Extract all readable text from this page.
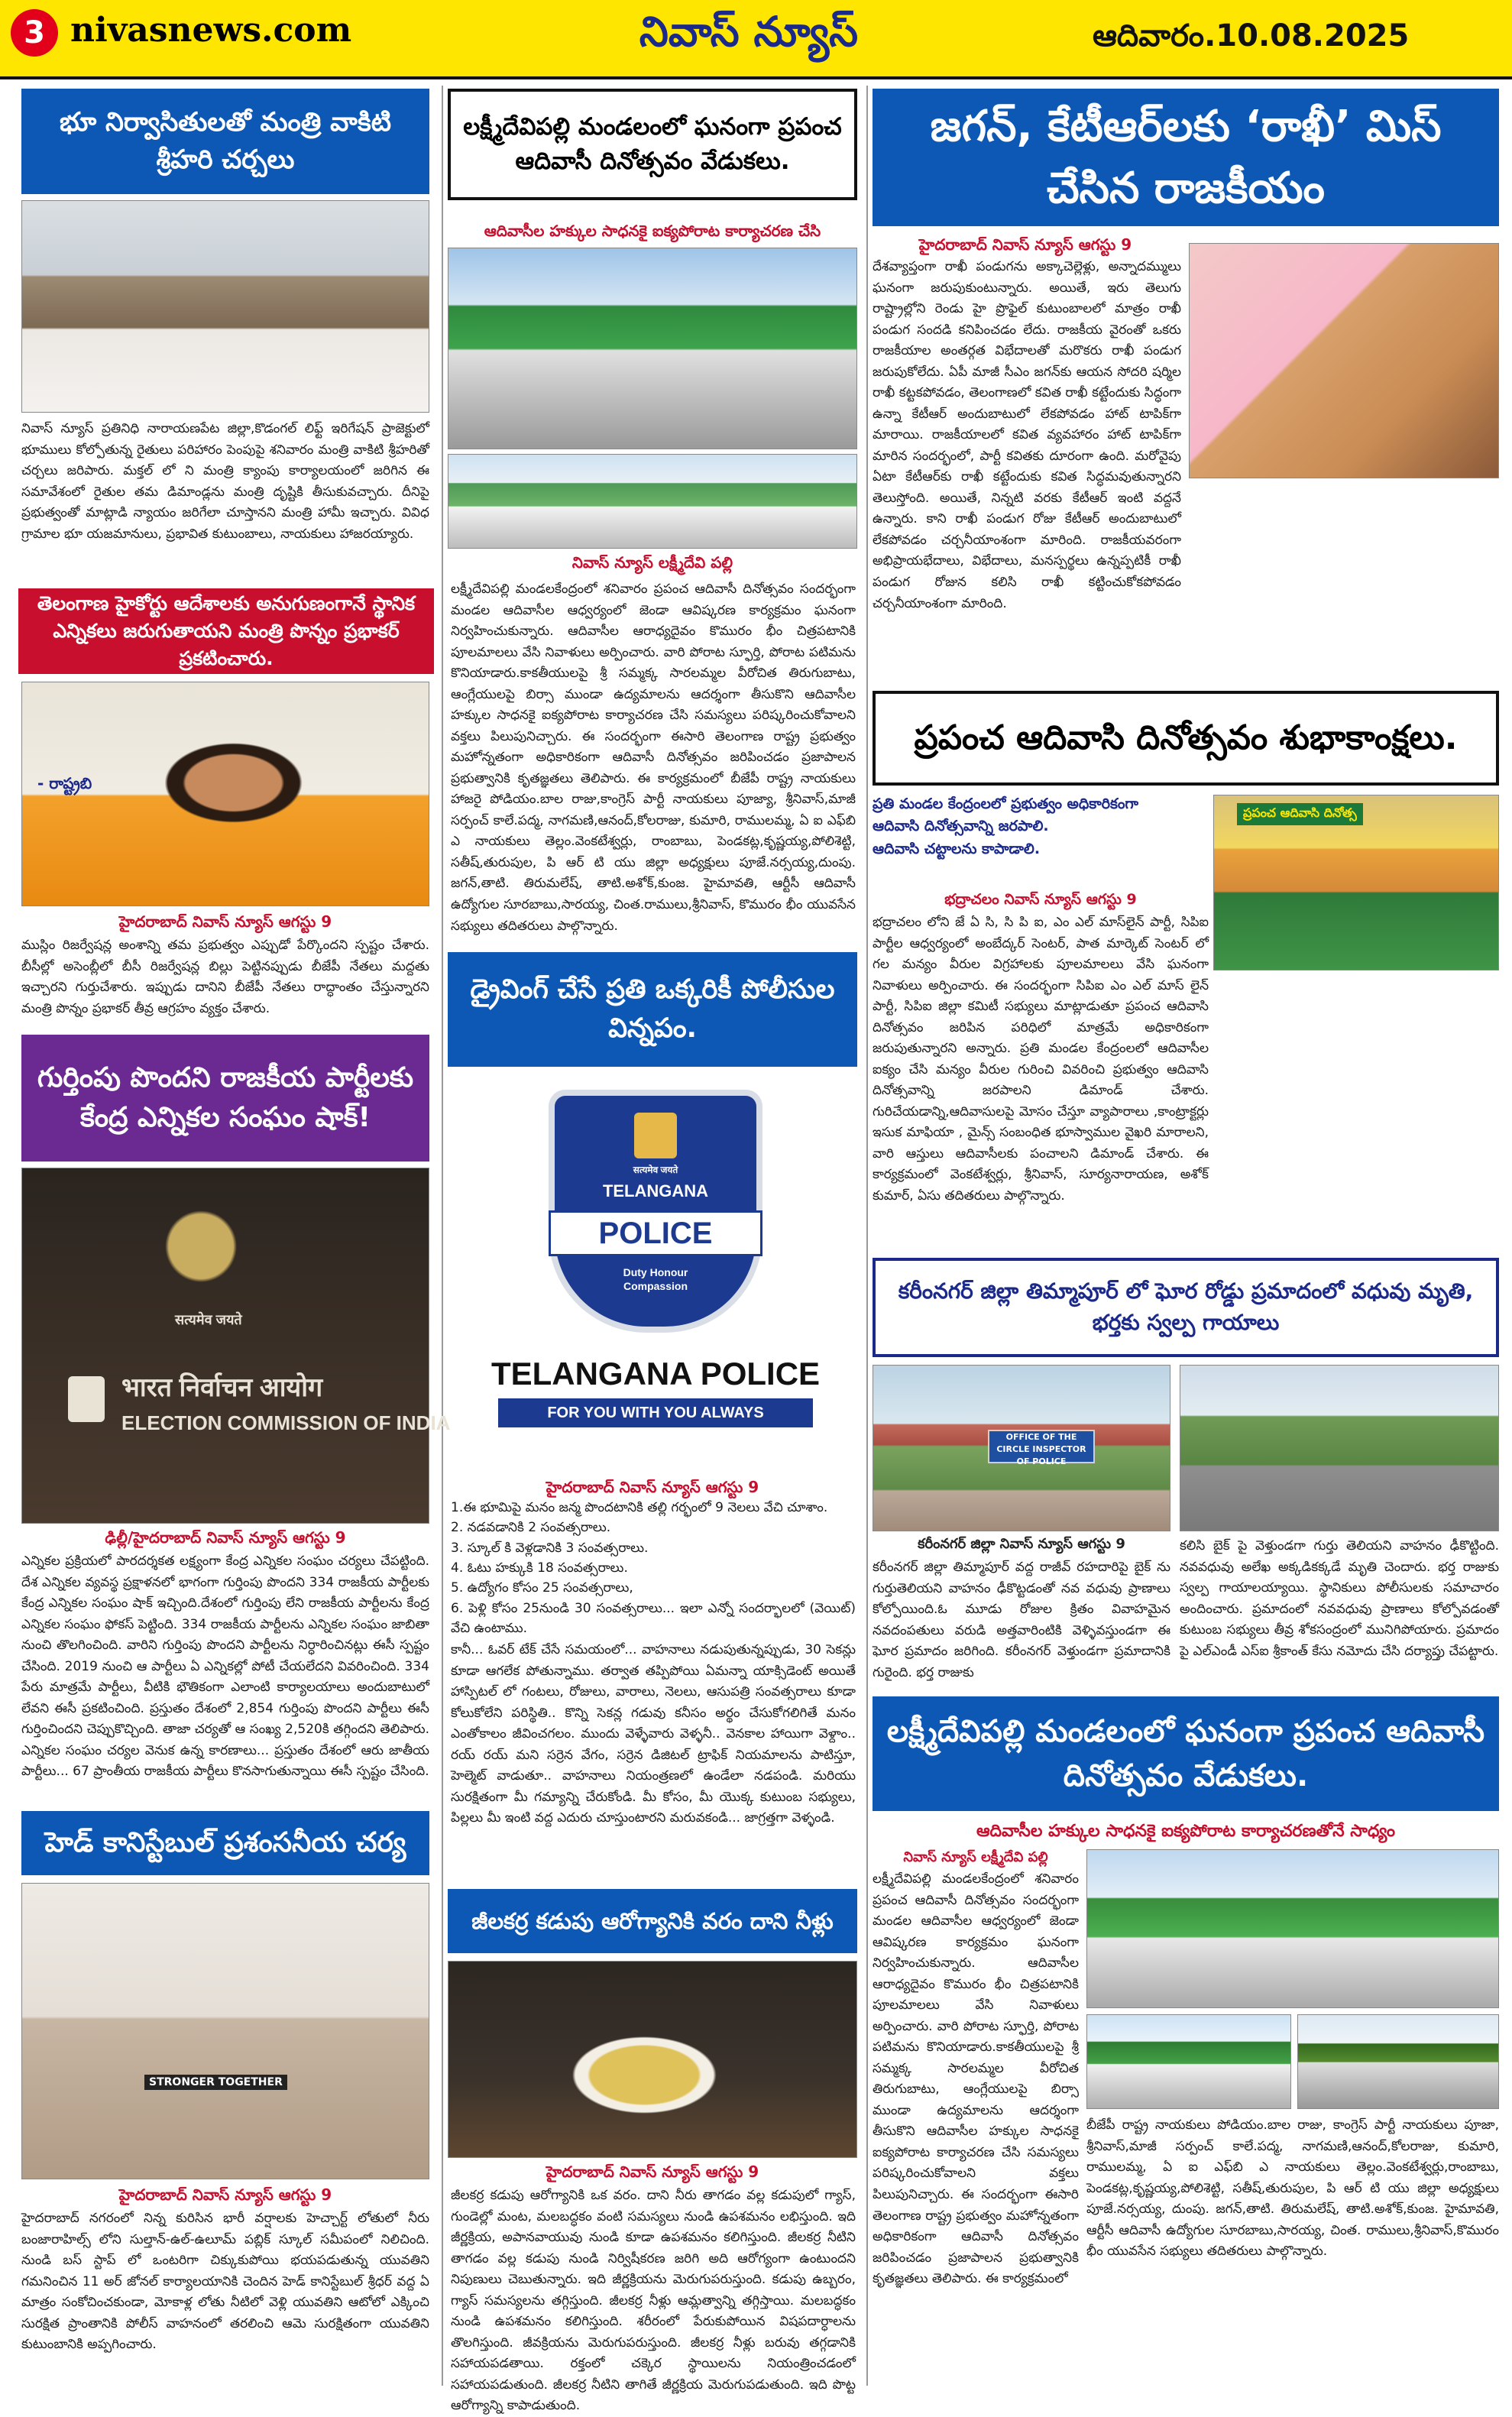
3 nivasnews.com	నివాస్ న్యూస్	ఆదివారం.10.08.2025
భూ నిర్వాసితులతో మంత్రి వాకిటి శ్రీహరి చర్చలు
నివాస్ న్యూస్ ప్రతినిధి నారాయణపేట జిల్లా,కొడంగల్ లిఫ్ట్ ఇరిగేషన్ ప్రాజెక్టులో భూములు కోల్పోతున్న రైతులు పరిహారం పెంపుపై శనివారం మంత్రి వాకిటి శ్రీహరితో చర్చలు జరిపారు. మక్తల్ లో ని మంత్రి క్యాంపు కార్యాలయంలో జరిగిన ఈ సమావేశంలో రైతుల తమ డిమాండ్లను మంత్రి దృష్టికి తీసుకువచ్చారు. దీనిపై ప్రభుత్వంతో మాట్లాడి న్యాయం జరిగేలా చూస్తానని మంత్రి హామీ ఇచ్చారు. వివిధ గ్రామాల భూ యజమానులు, ప్రభావిత కుటుంబాలు, నాయకులు హాజరయ్యారు.
తెలంగాణ హైకోర్టు ఆదేశాలకు అనుగుణంగానే స్థానిక ఎన్నికలు జరుగుతాయని మంత్రి పొన్నం ప్రభాకర్ ప్రకటించారు.
- రాష్ట్రబి
హైదరాబాద్ నివాస్ న్యూస్ ఆగస్టు 9
ముస్లిం రిజర్వేషన్ల అంశాన్ని తమ ప్రభుత్వం ఎప్పుడో పేర్కొందని స్పష్టం చేశారు. బీసీల్లో అసెంబ్లీలో బీసీ రిజర్వేషన్ల బిల్లు పెట్టినప్పుడు బీజేపీ నేతలు మద్దతు ఇచ్చారని గుర్తుచేశారు. ఇప్పుడు దానిని బీజేపీ నేతలు రాద్ధాంతం చేస్తున్నారని మంత్రి పొన్నం ప్రభాకర్ తీవ్ర ఆగ్రహం వ్యక్తం చేశారు.
గుర్తింపు పొందని రాజకీయ పార్టీలకు కేంద్ర ఎన్నికల సంఘం షాక్!
सत्यमेव जयते
भारत निर्वाचन आयोग
ELECTION COMMISSION OF INDIA
ఢిల్లీ/హైదరాబాద్ నివాస్ న్యూస్ ఆగస్టు 9
ఎన్నికల ప్రక్రియలో పారదర్శకత లక్ష్యంగా కేంద్ర ఎన్నికల సంఘం చర్యలు చేపట్టింది. దేశ ఎన్నికల వ్యవస్థ ప్రక్షాళనలో భాగంగా గుర్తింపు పొందని 334 రాజకీయ పార్టీలకు కేంద్ర ఎన్నికల సంఘం షాక్ ఇచ్చింది.దేశంలో గుర్తింపు లేని రాజకీయ పార్టీలను కేంద్ర ఎన్నికల సంఘం ఫోకస్ పెట్టింది. 334 రాజకీయ పార్టీలను ఎన్నికల సంఘం జాబితా నుంచి తొలగించింది. వారిని గుర్తింపు పొందని పార్టీలను నిర్ధారించినట్లు ఈసీ స్పష్టం చేసింది. 2019 నుంచి ఆ పార్టీలు ఏ ఎన్నికల్లో పోటీ చేయలేదని వివరించింది. 334 పేరు మాత్రమే పార్టీలు, వీటికి భౌతికంగా ఎలాంటి కార్యాలయాలు అందుబాటులో లేవని ఈసీ ప్రకటించింది. ప్రస్తుతం దేశంలో 2,854 గుర్తింపు పొందని పార్టీలు ఈసీ గుర్తించిందని చెప్పుకొచ్చింది. తాజా చర్యతో ఆ సంఖ్య 2,520కి తగ్గిందని తెలిపారు. ఎన్నికల సంఘం చర్యల వెనుక ఉన్న కారణాలు... ప్రస్తుతం దేశంలో ఆరు జాతీయ పార్టీలు... 67 ప్రాంతీయ రాజకీయ పార్టీలు కొనసాగుతున్నాయి ఈసీ స్పష్టం చేసింది.
హెడ్ కానిస్టేబుల్ ప్రశంసనీయ చర్య
STRONGER TOGETHER
హైదరాబాద్ నివాస్ న్యూస్ ఆగస్టు 9
హైదరాబాద్ నగరంలో నిన్న కురిసిన భారీ వర్షాలకు హెచ్చార్ట్ లోతులో నీరు బంజారాహిల్స్ లోని సుల్తాన్-ఉల్-ఉలూమ్ పబ్లిక్ స్కూల్ సమీపంలో నిలిచింది. నుండి బస్ స్టాప్ లో ఒంటరిగా చిక్కుకుపోయి భయపడుతున్న యువతిని గమనించిన 11 అర్ జోనల్ కార్యాలయానికి చెందిన హెడ్ కానిస్టేబుల్ శ్రీధర్ వద్ద ఏ మాత్రం సంకోచించకుండా, మోకాళ్ల లోతు నీటిలో వెళ్లి యువతిని ఆటోలో ఎక్కించి సురక్షిత ప్రాంతానికి పోలీస్ వాహనంలో తరలించి ఆమె సురక్షితంగా యువతిని కుటుంబానికి అప్పగించారు.
లక్ష్మీదేవిపల్లి మండలంలో ఘనంగా ప్రపంచ ఆదివాసీ దినోత్సవం వేడుకలు.
ఆదివాసీల హక్కుల సాధనకై ఐక్యపోరాట కార్యాచరణ చేసి
నివాస్ న్యూస్ లక్ష్మీదేవి పల్లి
లక్ష్మీదేవిపల్లి మండలకేంద్రంలో శనివారం ప్రపంచ ఆదివాసీ దినోత్సవం సందర్భంగా మండల ఆదివాసీల ఆధ్వర్యంలో జెండా ఆవిష్కరణ కార్యక్రమం ఘనంగా నిర్వహించుకున్నారు. ఆదివాసీల ఆరాధ్యదైవం కొమురం భీం చిత్రపటానికి పూలమాలలు వేసి నివాళులు అర్పించారు. వారి పోరాట స్ఫూర్తి, పోరాట పటిమను కొనియాడారు.కాకతీయులపై శ్రీ సమ్మక్క సారలమ్మల వీరోచిత తిరుగుబాటు, ఆంగ్లేయులపై బిర్సా ముండా ఉద్యమాలను ఆదర్శంగా తీసుకొని ఆదివాసీల హక్కుల సాధనకై ఐక్యపోరాట కార్యాచరణ చేసి సమస్యలు పరిష్కరించుకోవాలని వక్తలు పిలుపునిచ్చారు. ఈ సందర్భంగా ఈసారి తెలంగాణ రాష్ట్ర ప్రభుత్వం మహోన్నతంగా అధికారికంగా ఆదివాసీ దినోత్సవం జరిపించడం ప్రజాపాలన ప్రభుత్వానికి కృతజ్ఞతలు తెలిపారు. ఈ కార్యక్రమంలో బీజేపీ రాష్ట్ర నాయకులు హాజరై పోడియం.బాల రాజు,కాంగ్రెస్ పార్టీ నాయకులు పూజ్యా, శ్రీనివాస్,మాజీ సర్పంచ్ కాలే.పద్మ, నాగమణి,ఆనంద్,కోలరాజు, కుమారి, రాములమ్మ, ఏ ఐ ఎఫ్‌బి ఎ నాయకులు తెల్లం.వెంకటేశ్వర్లు, రాంబాబు, పెండకట్ల,కృష్ణయ్య,పోలిశెట్టి, సతీష్,తురుపుల, పి ఆర్ టి యు జిల్లా అధ్యక్షులు పూజే.నర్సయ్య,దుంపు. జగన్,తాటి. తిరుమలేష్, తాటి.అశోక్,కుంజ. హైమావతి, ఆర్టీసీ ఆదివాసీ ఉద్యోగుల సూరబాబు,సారయ్య, చింత.రాములు,శ్రీనివాస్, కొమురం భీం యువసేన సభ్యులు తదితరులు పాల్గొన్నారు.
డ్రైవింగ్ చేసే ప్రతి ఒక్కరికీ పోలీసుల విన్నపం.
सत्यमेव जयते
TELANGANA
POLICE
Duty Honour Compassion
TELANGANA POLICE
FOR YOU WITH YOU ALWAYS
హైదరాబాద్ నివాస్ న్యూస్ ఆగస్టు 9
1.ఈ భూమిపై మనం జన్మ పొందటానికి తల్లి గర్భంలో 9 నెలలు వేచి చూశాం.
2. నడవడానికి 2 సంవత్సరాలు.
3. స్కూల్ కి వెళ్లడానికి 3 సంవత్సరాలు.
4. ఓటు హక్కుకి 18 సంవత్సరాలు.
5. ఉద్యోగం కోసం 25 సంవత్సరాలు,
6. పెళ్లి కోసం 25నుండి 30 సంవత్సరాలు... ఇలా ఎన్నో సందర్భాలలో (వెయిట్) వేచి ఉంటాము.
కానీ... ఓవర్ టేక్ చేసే సమయంలో... వాహనాలు నడుపుతున్నప్పుడు, 30 సెకన్లు కూడా ఆగలేక పోతున్నాము. తర్వాత తప్పిపోయి ఏమన్నా యాక్సిడెంట్ అయితే హాస్పిటల్ లో గంటలు, రోజులు, వారాలు, నెలలు, ఆసుపత్రి సంవత్సరాలు కూడా కోలుకోలేని పరిస్థితి.. కొన్ని సెకన్ల గడువు కనీసం అర్థం చేసుకోగలిగితే మనం ఎంతోకాలం జీవించగలం. ముందు వెళ్ళేవారు వెళ్ళనీ.. వెనకాల హాయిగా వెళ్దాం.. రయ్ రయ్ మని సర్రెన వేగం, సర్రెన డిజిటల్ ట్రాఫిక్ నియమాలను పాటిస్తూ, హెల్మెట్ వాడుతూ.. వాహనాలు నియంత్రణలో ఉండేలా నడపండి. మరియు సురక్షితంగా మీ గమ్యాన్ని చేరుకోండి. మీ కోసం, మీ యొక్క కుటుంబ సభ్యులు, పిల్లలు మీ ఇంటి వద్ద ఎదురు చూస్తుంటారని మరువకండి... జాగ్రత్తగా వెళ్ళండి.
జీలకర్ర కడుపు ఆరోగ్యానికి వరం దాని నీళ్లు
హైదరాబాద్ నివాస్ న్యూస్ ఆగస్టు 9
జీలకర్ర కడుపు ఆరోగ్యానికి ఒక వరం. దాని నీరు తాగడం వల్ల కడుపులో గ్యాస్, గుండెల్లో మంట, మలబద్ధకం వంటి సమస్యలు నుండి ఉపశమనం లభిస్తుంది. ఇది జీర్ణక్రియ, అపానవాయువు నుండి కూడా ఉపశమనం కలిగిస్తుంది. జీలకర్ర నీటిని తాగడం వల్ల కడుపు నుండి నిర్విషీకరణ జరిగి అది ఆరోగ్యంగా ఉంటుందని నిపుణులు చెబుతున్నారు. ఇది జీర్ణక్రియను మెరుగుపరుస్తుంది. కడుపు ఉబ్బరం, గ్యాస్ సమస్యలను తగ్గిస్తుంది. జీలకర్ర నీళ్లు ఆమ్లత్వాన్ని తగ్గిస్తాయి. మలబద్ధకం నుండి ఉపశమనం కలిగిస్తుంది. శరీరంలో పేరుకుపోయిన విషపదార్ధాలను తొలగిస్తుంది. జీవక్రియను మెరుగుపరుస్తుంది. జీలకర్ర నీళ్లు బరువు తగ్గడానికి సహాయపడతాయి. రక్తంలో చక్కెర స్థాయిలను నియంత్రించడంలో సహాయపడుతుంది. జీలకర్ర నీటిని తాగితే జీర్ణక్రియ మెరుగుపడుతుంది. ఇది పొట్ట ఆరోగ్యాన్ని కాపాడుతుంది.
జగన్, కేటీఆర్‌లకు ‘రాఖీ’ మిస్ చేసిన రాజకీయం
హైదరాబాద్ నివాస్ న్యూస్ ఆగస్టు 9
దేశవ్యాప్తంగా రాఖీ పండుగను అక్కాచెల్లెళ్లు, అన్నాదమ్ములు ఘనంగా జరుపుకుంటున్నారు. అయితే, ఇరు తెలుగు రాష్ట్రాల్లోని రెండు హై ప్రొఫైల్ కుటుంబాలలో మాత్రం రాఖీ పండుగ సందడి కనిపించడం లేదు. రాజకీయ వైరంతో ఒకరు రాజకీయాల అంతర్గత విభేదాలతో మరొకరు రాఖీ పండుగ జరుపుకోలేదు. ఏపీ మాజీ సీఎం జగన్‌కు ఆయన సోదరి షర్మిల రాఖీ కట్టకపోవడం, తెలంగాణలో కవిత రాఖీ కట్టేందుకు సిద్ధంగా ఉన్నా కేటీఆర్ అందుబాటులో లేకపోవడం హాట్ టాపిక్‌గా మారాయి. రాజకీయాలలో కవిత వ్యవహారం హాట్ టాపిక్‌గా మారిన సందర్భంలో, పార్టీ కవితకు దూరంగా ఉంది. మరోవైపు ఏటా కేటీఆర్‌కు రాఖీ కట్టేందుకు కవిత సిద్ధమవుతున్నారని తెలుస్తోంది. అయితే, నిన్నటి వరకు కేటీఆర్ ఇంటి వద్దనే ఉన్నారు. కాని రాఖీ పండుగ రోజు కేటీఆర్ అందుబాటులో లేకపోవడం చర్చనీయాంశంగా మారింది. రాజకీయవరంగా అభిప్రాయభేదాలు, విభేదాలు, మనస్పర్థలు ఉన్నప్పటికీ రాఖీ పండుగ రోజున కలిసి రాఖీ కట్టించుకోకపోవడం చర్చనీయాంశంగా మారింది.
ప్రపంచ ఆదివాసి దినోత్సవం శుభాకాంక్షలు.
ప్రతి మండల కేంద్రంలలో ప్రభుత్వం అధికారికంగా
ఆదివాసి దినోత్సవాన్ని జరపాలి.
ఆదివాసి చట్టాలను కాపాడాలి.
ప్రపంచ ఆదివాసి దినోత్స
భద్రాచలం నివాస్ న్యూస్ ఆగస్టు 9
భద్రాచలం లోని జే ఏ సి, సి పి ఐ, ఎం ఎల్ మాస్‌లైన్ పార్టీ, సిపిఐ పార్టీల ఆధ్వర్యంలో అంబేద్కర్ సెంటర్, పాత మార్కెట్ సెంటర్ లో గల మన్యం వీరుల విగ్రహాలకు పూలమాలలు వేసి ఘనంగా నివాళులు అర్పించారు. ఈ సందర్భంగా సిపిఐ ఎం ఎల్ మాస్ లైన్ పార్టీ, సిపిఐ జిల్లా కమిటీ సభ్యులు మాట్లాడుతూ ప్రపంచ ఆదివాసి దినోత్సవం జరిపిన పరిధిలో మాత్రమే అధికారికంగా జరుపుతున్నారని అన్నారు. ప్రతి మండల కేంద్రంలలో ఆదివాసీల ఐక్యం చేసి మన్యం వీరుల గురించి వివరించి ప్రభుత్వం ఆదివాసి దినోత్సవాన్ని జరపాలని డిమాండ్ చేశారు. గురిచేయడాన్ని,ఆదివాసులపై మోసం చేస్తూ వ్యాపారాలు ,కాంట్రాక్టర్లు ఇసుక మాఫియా , మైన్స్ సంబంధిత భూస్వాముల వైఖరి మారాలని, వారి ఆస్తులు ఆదివాసీలకు పంచాలని డిమాండ్ చేశారు. ఈ కార్యక్రమంలో వెంకటేశ్వర్లు, శ్రీనివాస్, సూర్యనారాయణ, అశోక్ కుమార్, ఏసు తదితరులు పాల్గొన్నారు.
కరీంనగర్ జిల్లా తిమ్మాపూర్ లో ఘోర రోడ్డు ప్రమాదంలో వధువు మృతి, భర్తకు స్వల్ప గాయాలు
OFFICE OF THE CIRCLE INSPECTOR OF POLICE
కరీంనగర్ జిల్లా నివాస్ న్యూస్ ఆగస్టు 9
కరీంనగర్ జిల్లా తిమ్మాపూర్ వద్ద రాజీవ్ రహదారిపై బైక్ ను గుర్తుతెలియని వాహనం ఢీకొట్టడంతో నవ వధువు ప్రాణాలు కోల్పోయింది.ఓ మూడు రోజుల క్రితం వివాహమైన నవదంపతులు వరుడి అత్తవారింటికి వెళ్ళివస్తుండగా ఈ ఘోర ప్రమాదం జరిగింది. కరీంనగర్ వెళ్తుండగా ప్రమాదానికి గురైంది. భర్త రాజుకు
కలిసి బైక్ పై వెళ్తుండగా గుర్తు తెలియని వాహనం ఢీకొట్టింది. నవవధువు అలేఖ అక్కడికక్కడే మృతి చెందారు. భర్త రాజుకు స్వల్ప గాయాలయ్యాయి. స్థానికులు పోలీసులకు సమాచారం అందించారు. ప్రమాదంలో నవవధువు ప్రాణాలు కోల్పోవడంతో కుటుంబ సభ్యులు తీవ్ర శోకసంద్రంలో మునిగిపోయారు. ప్రమాదం పై ఎల్ఎండీ ఎస్ఐ శ్రీకాంత్ కేసు నమోదు చేసి దర్యాప్తు చేపట్టారు.
లక్ష్మీదేవిపల్లి మండలంలో ఘనంగా ప్రపంచ ఆదివాసీ దినోత్సవం వేడుకలు.
ఆదివాసీల హక్కుల సాధనకై ఐక్యపోరాట కార్యాచరణతోనే సాధ్యం
నివాస్ న్యూస్ లక్ష్మీదేవి పల్లి
లక్ష్మీదేవిపల్లి మండలకేంద్రంలో శనివారం ప్రపంచ ఆదివాసీ దినోత్సవం సందర్భంగా మండల ఆదివాసీల ఆధ్వర్యంలో జెండా ఆవిష్కరణ కార్యక్రమం ఘనంగా నిర్వహించుకున్నారు. ఆదివాసీల ఆరాధ్యదైవం కొమురం భీం చిత్రపటానికి పూలమాలలు వేసి నివాళులు అర్పించారు. వారి పోరాట స్ఫూర్తి, పోరాట పటిమను కొనియాడారు.కాకతీయులపై శ్రీ సమ్మక్క సారలమ్మల వీరోచిత తిరుగుబాటు, ఆంగ్లేయులపై బిర్సా ముండా ఉద్యమాలను ఆదర్శంగా తీసుకొని ఆదివాసీల హక్కుల సాధనకై ఐక్యపోరాట కార్యాచరణ చేసి సమస్యలు పరిష్కరించుకోవాలని వక్తలు పిలుపునిచ్చారు. ఈ సందర్భంగా ఈసారి తెలంగాణ రాష్ట్ర ప్రభుత్వం మహోన్నతంగా అధికారికంగా ఆదివాసీ దినోత్సవం జరిపించడం ప్రజాపాలన ప్రభుత్వానికి కృతజ్ఞతలు తెలిపారు. ఈ కార్యక్రమంలో
బీజేపీ రాష్ట్ర నాయకులు పోడియం.బాల రాజు, కాంగ్రెస్ పార్టీ నాయకులు పూజా, శ్రీనివాస్,మాజీ సర్పంచ్ కాలే.పద్మ, నాగమణి,ఆనంద్,కోలరాజు, కుమారి, రాములమ్మ, ఏ ఐ ఎఫ్‌బి ఎ నాయకులు తెల్లం.వెంకటేశ్వర్లు,రాంబాబు, పెండకట్ల,కృష్ణయ్య,పోలిశెట్టి, సతీష్,తురుపుల, పి ఆర్ టి యు జిల్లా అధ్యక్షులు పూజే.నర్సయ్య, దుంపు. జగన్,తాటి. తిరుమలేష్, తాటి.అశోక్,కుంజ. హైమావతి, ఆర్టీసీ ఆదివాసీ ఉద్యోగుల సూరబాబు,సారయ్య, చింత. రాములు,శ్రీనివాస్,కొమురం భీం యువసేన సభ్యులు తదితరులు పాల్గొన్నారు.
